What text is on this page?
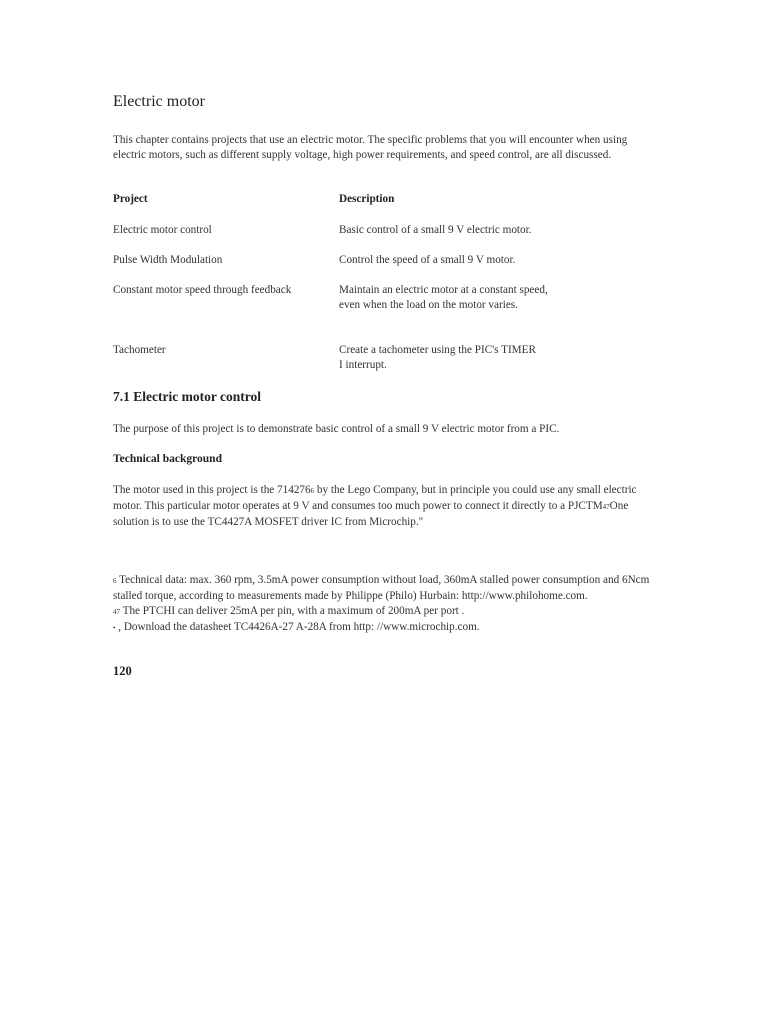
Electric motor

This chapter contains projects that use an electric motor. The specific problems that you will encounter when using electric motors, such as different supply voltage, high power requirements, and speed control, are all discussed.

Project	Description
Electric motor control	Basic control of a small 9 V electric motor.
Pulse Width Modulation	Control the speed of a small 9 V motor.
Constant motor speed through feedback	Maintain an electric motor at a constant speed, even when the load on the motor varies.
Tachometer	Create a tachometer using the PIC's TIMER I interrupt.
7.1 Electric motor control

The purpose of this project is to demonstrate basic control of a small 9 V electric motor from a PIC.

Technical background

The motor used in this project is the 7142766 by the Lego Company, but in principle you could use any small electric motor. This particular motor operates at 9 V and consumes too much power to connect it directly to a PJCTM47One solution is to use the TC4427A MOSFET driver IC from Microchip."

6 Technical data: max. 360 rpm, 3.5mA power consumption without load, 360mA stalled power consumption and 6Ncm stalled torque, according to measurements made by Philippe (Philo) Hurbain: http://www.philohome.com.
47 The PTCHI can deliver 25mA per pin, with a maximum of 200mA per port .
• , Download the datasheet TC4426A-27 A-28A from http: //www.microchip.com.

120
